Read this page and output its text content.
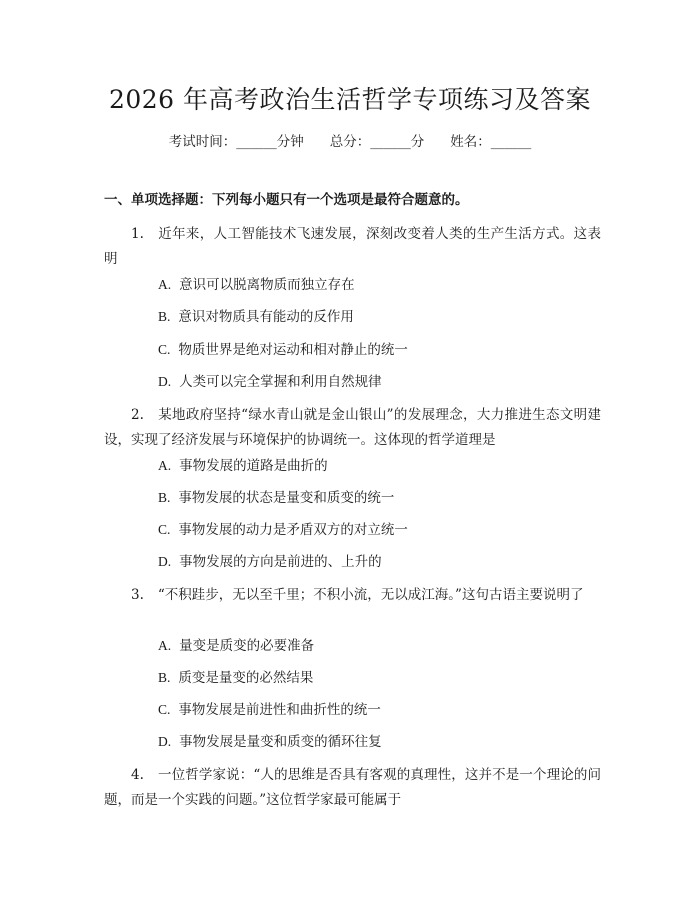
2026 年高考政治生活哲学专项练习及答案
考试时间：______分钟 总分：______分 姓名：______
一、单项选择题：下列每小题只有一个选项是最符合题意的。
1. 近年来，人工智能技术飞速发展，深刻改变着人类的生产生活方式。这表明
A. 意识可以脱离物质而独立存在
B. 意识对物质具有能动的反作用
C. 物质世界是绝对运动和相对静止的统一
D. 人类可以完全掌握和利用自然规律
2. 某地政府坚持“绿水青山就是金山银山”的发展理念，大力推进生态文明建设，实现了经济发展与环境保护的协调统一。这体现的哲学道理是
A. 事物发展的道路是曲折的
B. 事物发展的状态是量变和质变的统一
C. 事物发展的动力是矛盾双方的对立统一
D. 事物发展的方向是前进的、上升的
3. “不积跬步，无以至千里；不积小流，无以成江海。”这句古语主要说明了
A. 量变是质变的必要准备
B. 质变是量变的必然结果
C. 事物发展是前进性和曲折性的统一
D. 事物发展是量变和质变的循环往复
4. 一位哲学家说：“人的思维是否具有客观的真理性，这并不是一个理论的问题，而是一个实践的问题。”这位哲学家最可能属于
